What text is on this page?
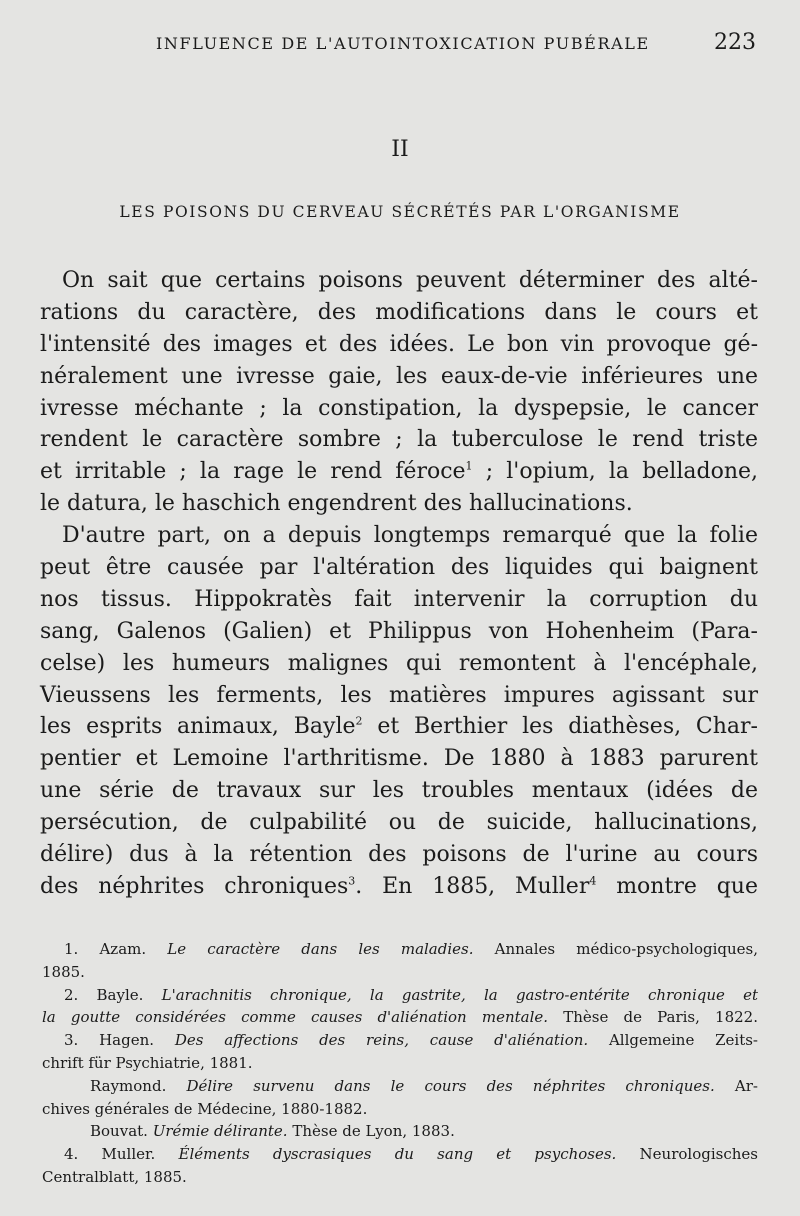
INFLUENCE DE L'AUTOINTOXICATION PUBÉRALE	223
II
LES POISONS DU CERVEAU SÉCRÉTÉS PAR L'ORGANISME
On sait que certains poisons peuvent déterminer des alté-
rations du caractère, des modifications dans le cours et
l'intensité des images et des idées. Le bon vin provoque gé-
néralement une ivresse gaie, les eaux-de-vie inférieures une
ivresse méchante ; la constipation, la dyspepsie, le cancer
rendent le caractère sombre ; la tuberculose le rend triste
et irritable ; la rage le rend féroce$^1$ ; l'opium, la belladone,
le datura, le haschich engendrent des hallucinations.
D'autre part, on a depuis longtemps remarqué que la folie
peut être causée par l'altération des liquides qui baignent
nos tissus. Hippokratès fait intervenir la corruption du
sang, Galenos (Galien) et Philippus von Hohenheim (Para-
celse) les humeurs malignes qui remontent à l'encéphale,
Vieussens les ferments, les matières impures agissant sur
les esprits animaux, Bayle$^2$ et Berthier les diathèses, Char-
pentier et Lemoine l'arthritisme. De 1880 à 1883 parurent
une série de travaux sur les troubles mentaux (idées de
persécution, de culpabilité ou de suicide, hallucinations,
délire) dus à la rétention des poisons de l'urine au cours
des néphrites chroniques$^3$. En 1885, Muller$^4$ montre que
1. Azam. Le caractère dans les maladies. Annales médico-psychologiques,
1885.
2. Bayle. L'arachnitis chronique, la gastrite, la gastro-entérite chronique et
la goutte considérées comme causes d'aliénation mentale. Thèse de Paris, 1822.
3. Hagen. Des affections des reins, cause d'aliénation. Allgemeine Zeits-
chrift für Psychiatrie, 1881.
Raymond. Délire survenu dans le cours des néphrites chroniques. Ar-
chives générales de Médecine, 1880-1882.
Bouvat. Urémie délirante. Thèse de Lyon, 1883.
4. Muller. Éléments dyscrasiques du sang et psychoses. Neurologisches
Centralblatt, 1885.
